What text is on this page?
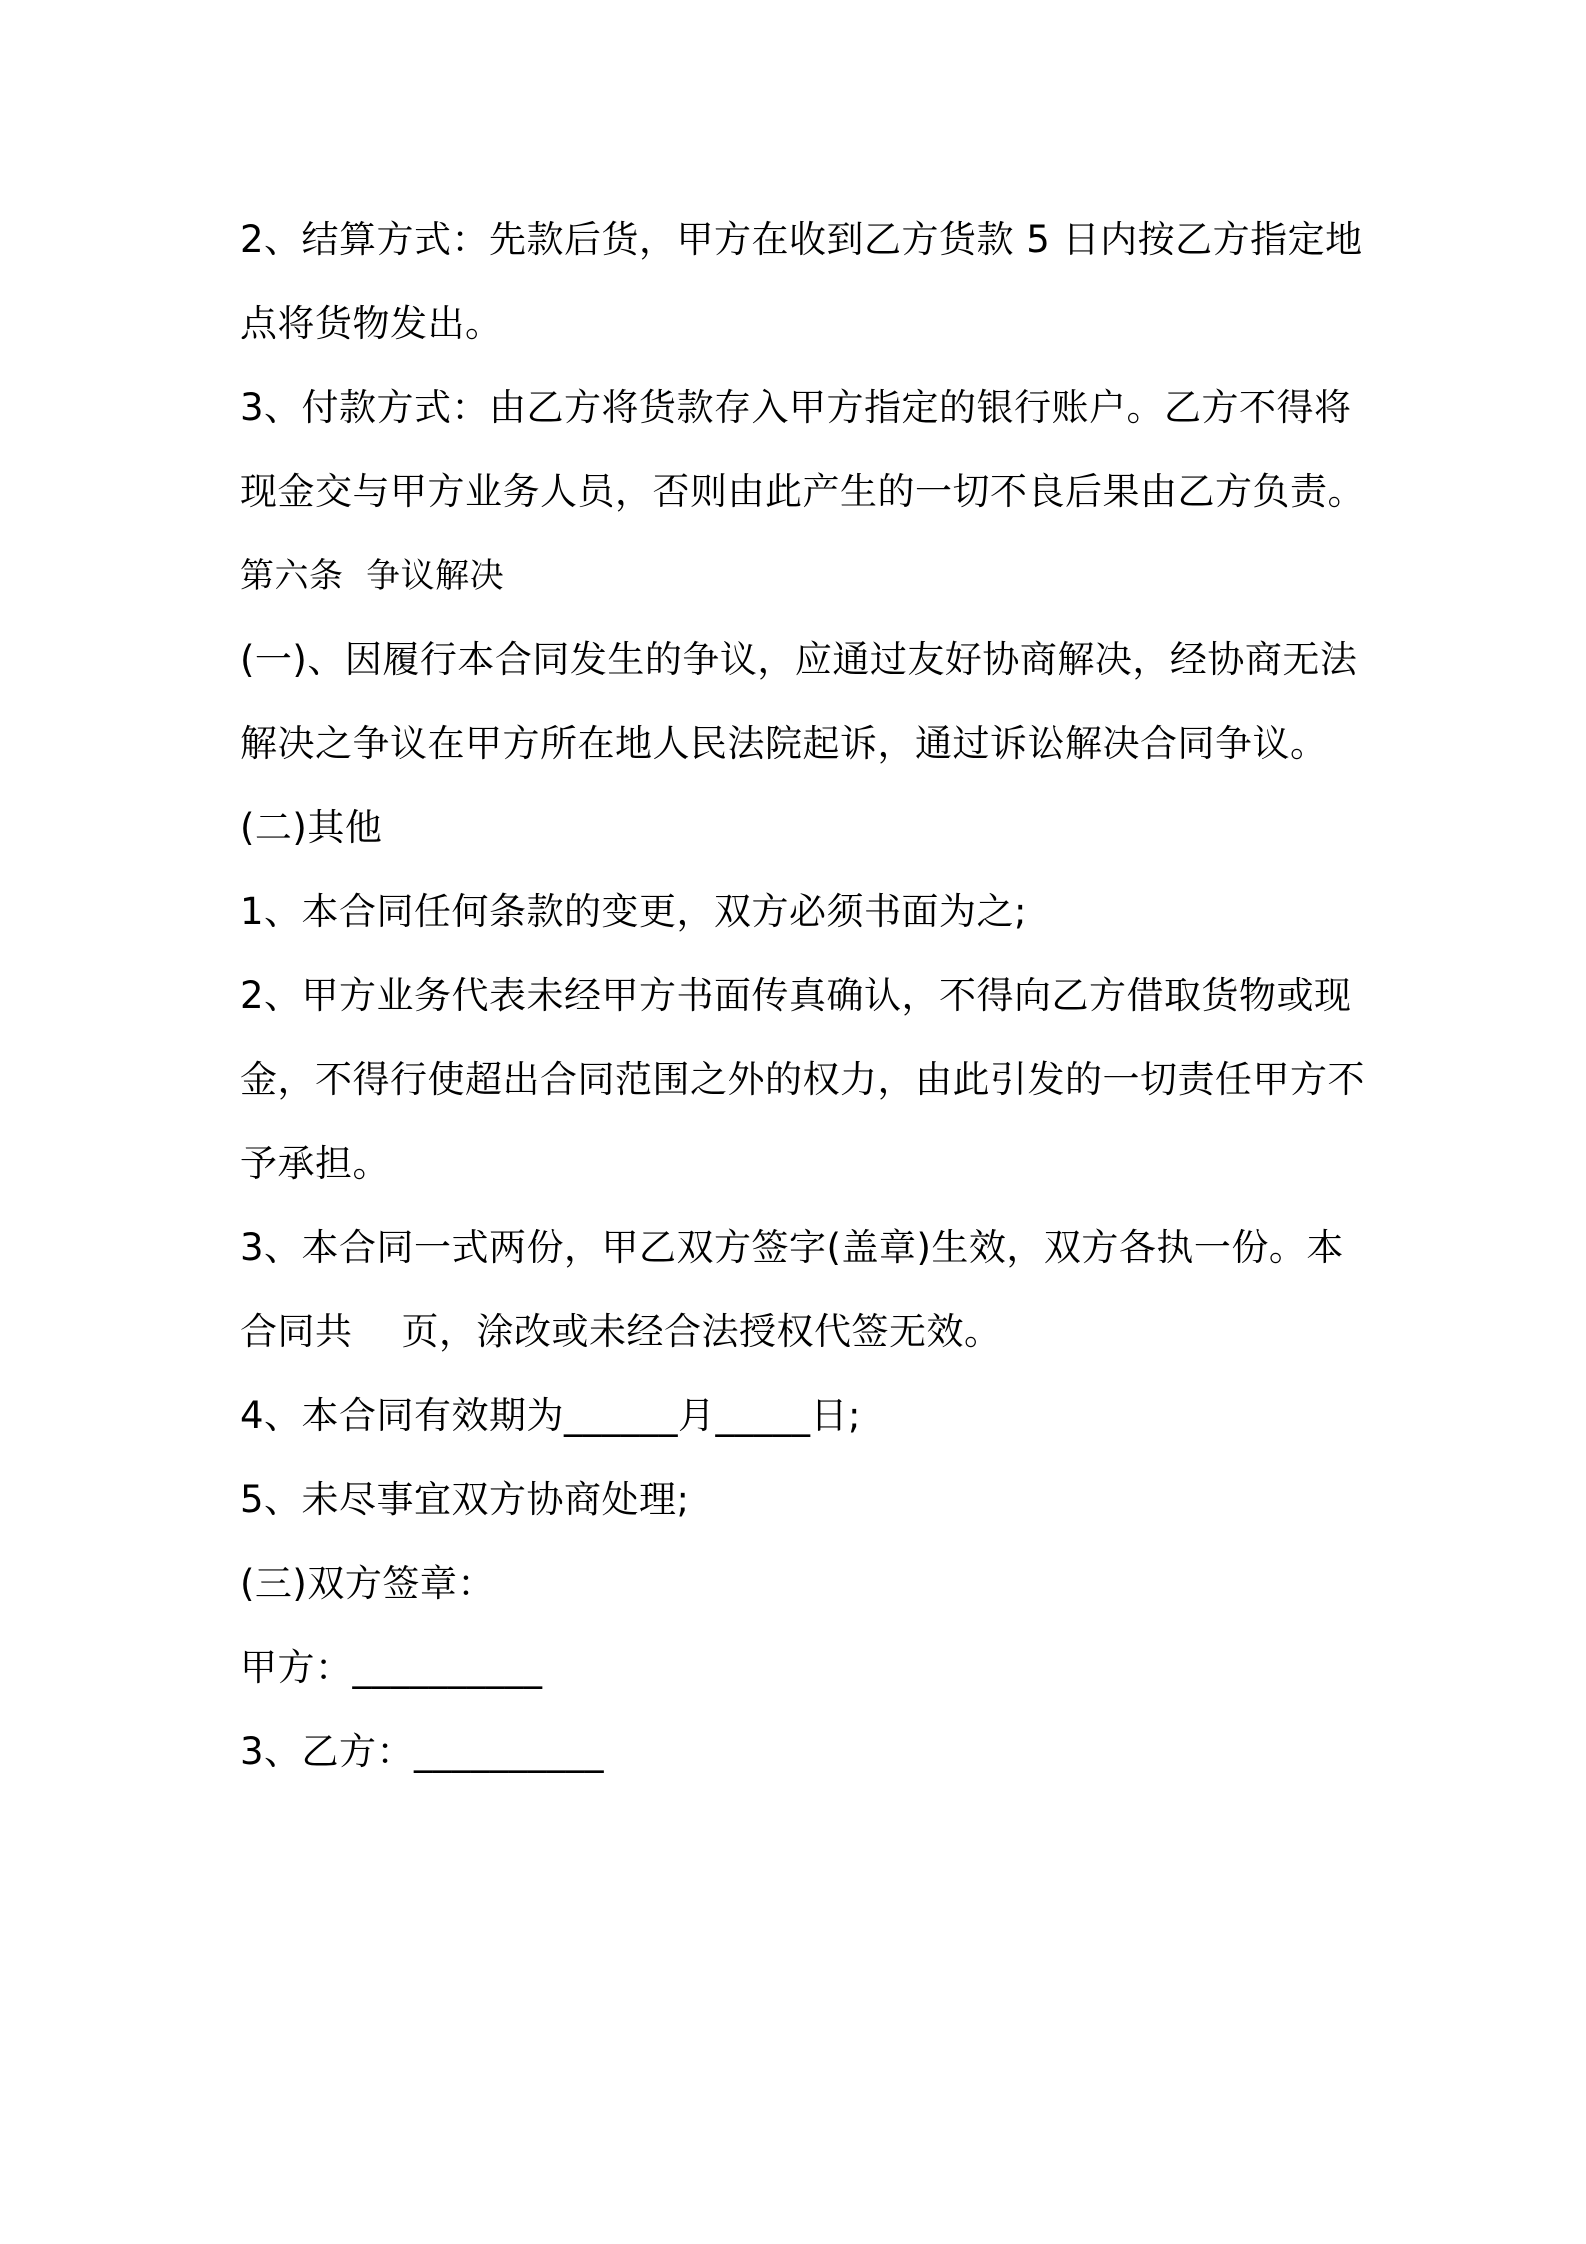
2、结算方式：先款后货，甲方在收到乙方货款 5 日内按乙方指定地
点将货物发出。
3、付款方式：由乙方将货款存入甲方指定的银行账户。乙方不得将
现金交与甲方业务人员，否则由此产生的一切不良后果由乙方负责。
第六条  争议解决
(一)、因履行本合同发生的争议，应通过友好协商解决，经协商无法
解决之争议在甲方所在地人民法院起诉，通过诉讼解决合同争议。
(二)其他
1、本合同任何条款的变更，双方必须书面为之;
2、甲方业务代表未经甲方书面传真确认，不得向乙方借取货物或现
金，不得行使超出合同范围之外的权力，由此引发的一切责任甲方不
予承担。
3、本合同一式两份，甲乙双方签字(盖章)生效，双方各执一份。本
合同共    页，涂改或未经合法授权代签无效。
4、本合同有效期为______月_____日;
5、未尽事宜双方协商处理;
(三)双方签章：
甲方：__________
3、乙方：__________
